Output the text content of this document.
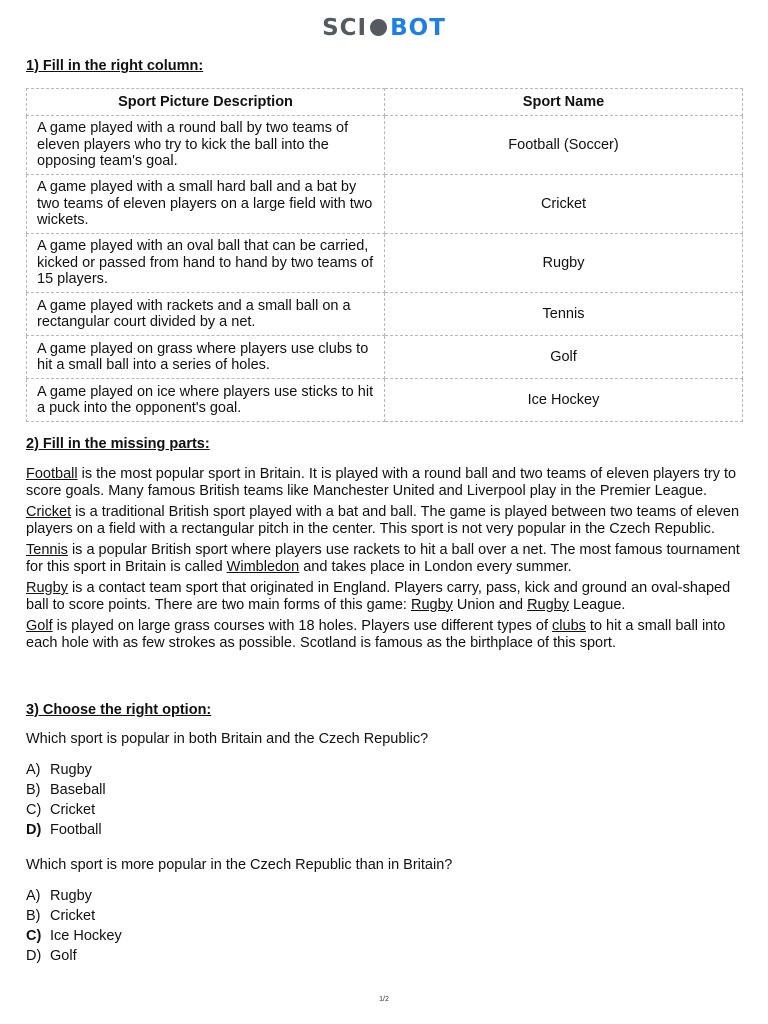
SCI BOT
1) Fill in the right column:
Sport Picture Description	Sport Name
A game played with a round ball by two teams of eleven players who try to kick the ball into the opposing team's goal.	Football (Soccer)
A game played with a small hard ball and a bat by two teams of eleven players on a large field with two wickets.	Cricket
A game played with an oval ball that can be carried, kicked or passed from hand to hand by two teams of 15 players.	Rugby
A game played with rackets and a small ball on a rectangular court divided by a net.	Tennis
A game played on grass where players use clubs to hit a small ball into a series of holes.	Golf
A game played on ice where players use sticks to hit a puck into the opponent's goal.	Ice Hockey
2) Fill in the missing parts:

Football is the most popular sport in Britain. It is played with a round ball and two teams of eleven players try to score goals. Many famous British teams like Manchester United and Liverpool play in the Premier League.

Cricket is a traditional British sport played with a bat and ball. The game is played between two teams of eleven players on a field with a rectangular pitch in the center. This sport is not very popular in the Czech Republic.

Tennis is a popular British sport where players use rackets to hit a ball over a net. The most famous tournament for this sport in Britain is called Wimbledon and takes place in London every summer.

Rugby is a contact team sport that originated in England. Players carry, pass, kick and ground an oval-shaped ball to score points. There are two main forms of this game: Rugby Union and Rugby League.

Golf is played on large grass courses with 18 holes. Players use different types of clubs to hit a small ball into each hole with as few strokes as possible. Scotland is famous as the birthplace of this sport.

3) Choose the right option:

Which sport is popular in both Britain and the Czech Republic?

A) Rugby
B) Baseball
C) Cricket
D) Football

Which sport is more popular in the Czech Republic than in Britain?

A) Rugby
B) Cricket
C) Ice Hockey
D) Golf
1/2
